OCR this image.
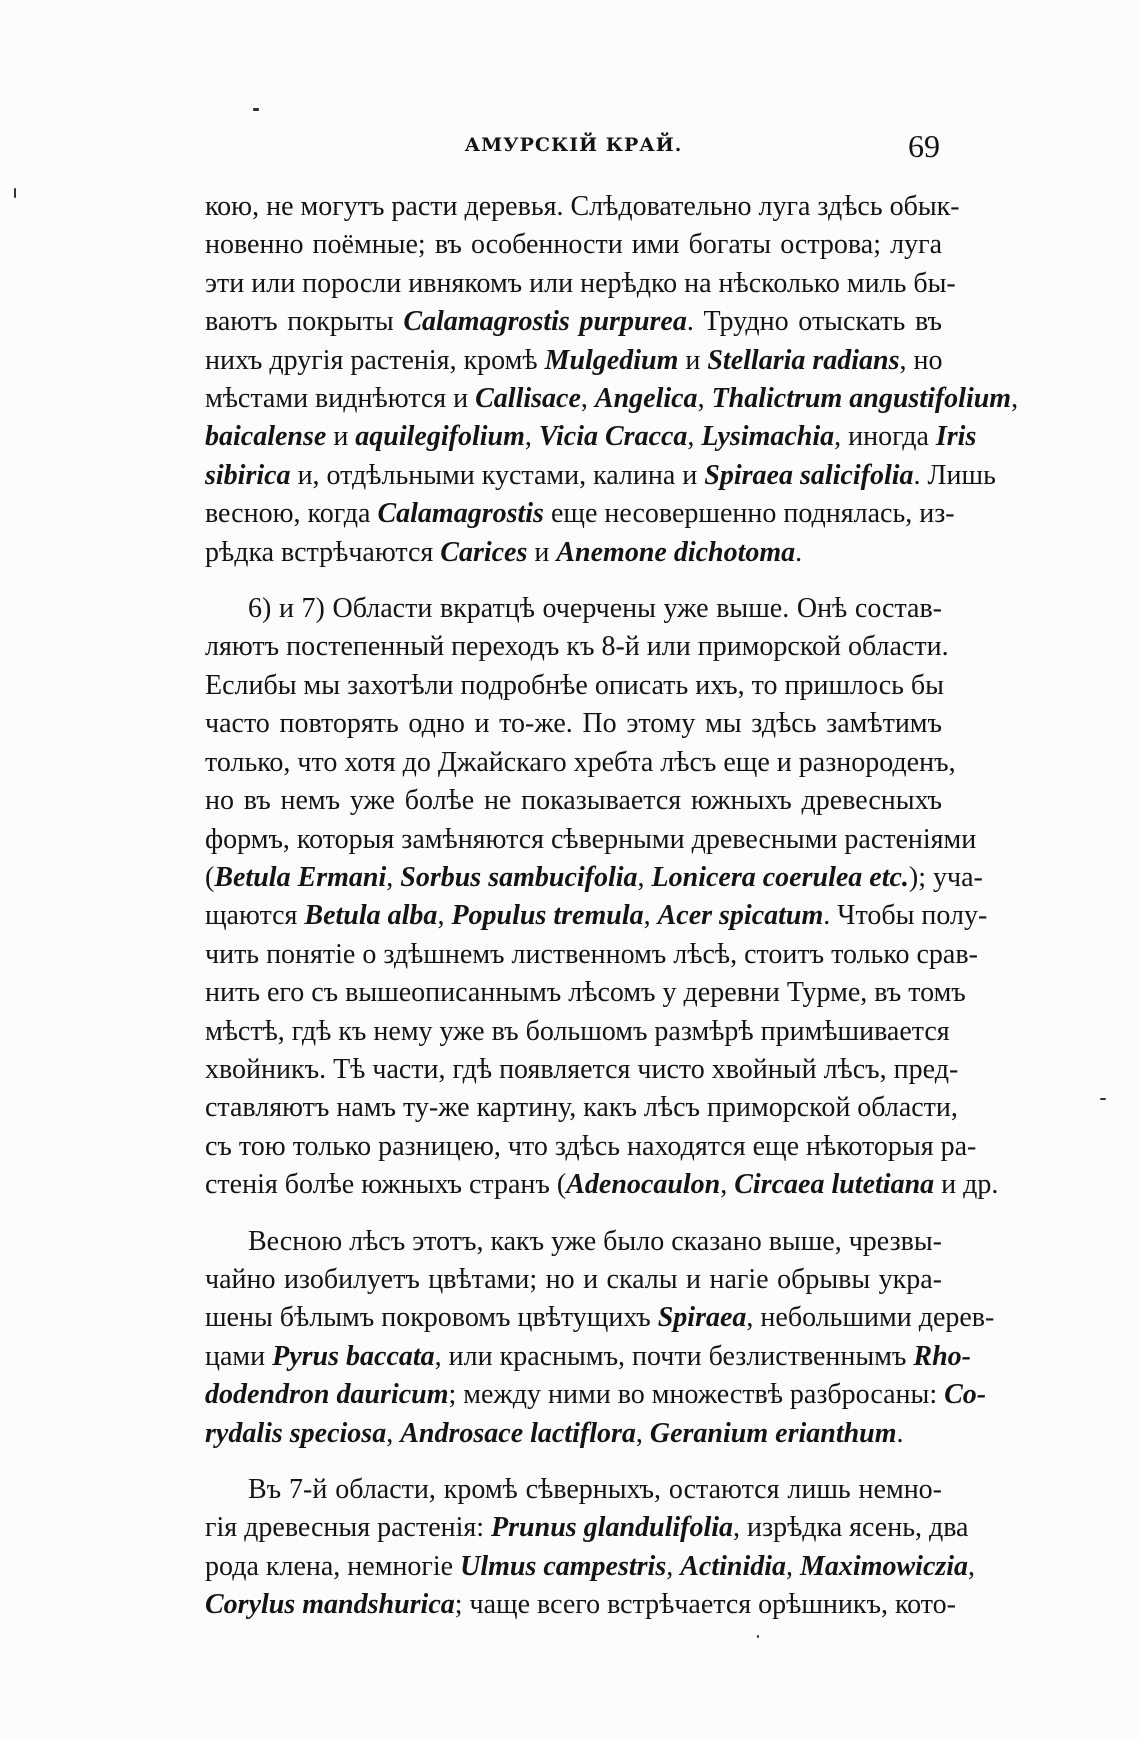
АМУРСКІЙ КРАЙ.	69

кою, не могутъ расти деревья. Слѣдовательно луга здѣсь обык-
новенно поёмные; въ особенности ими богаты острова; луга
эти или поросли ивнякомъ или нерѣдко на нѣсколько миль бы-
ваютъ покрыты Calamagrostis purpurea. Трудно отыскать въ
нихъ другія растенія, кромѣ Mulgedium и Stellaria radians, но
мѣстами виднѣются и Callisace, Angelica, Thalictrum angustifolium,
baicalense и aquilegifolium, Vicia Cracca, Lysimachia, иногда Iris
sibirica и, отдѣльными кустами, калина и Spiraea salicifolia. Лишь
весною, когда Calamagrostis еще несовершенно поднялась, из-
рѣдка встрѣчаются Carices и Anemone dichotoma.

6) и 7) Области вкратцѣ очерчены уже выше. Онѣ состав-
ляютъ постепенный переходъ къ 8-й или приморской области.
Еслибы мы захотѣли подробнѣе описать ихъ, то пришлось бы
часто повторять одно и то-же. По этому мы здѣсь замѣтимъ
только, что хотя до Джайскаго хребта лѣсъ еще и разнороденъ,
но въ немъ уже болѣе не показывается южныхъ древесныхъ
формъ, которыя замѣняются сѣверными древесными растеніями
(Betula Ermani, Sorbus sambucifolia, Lonicera coerulea etc.); уча-
щаются Betula alba, Populus tremula, Acer spicatum. Чтобы полу-
чить понятіе о здѣшнемъ лиственномъ лѣсѣ, стоитъ только срав-
нить его съ вышеописаннымъ лѣсомъ у деревни Турме, въ томъ
мѣстѣ, гдѣ къ нему уже въ большомъ размѣрѣ примѣшивается
хвойникъ. Тѣ части, гдѣ появляется чисто хвойный лѣсъ, пред-
ставляютъ намъ ту-же картину, какъ лѣсъ приморской области,
съ тою только разницею, что здѣсь находятся еще нѣкоторыя ра-
стенія болѣе южныхъ странъ (Adenocaulon, Circaea lutetiana и др.

Весною лѣсъ этотъ, какъ уже было сказано выше, чрезвы-
чайно изобилуетъ цвѣтами; но и скалы и нагіе обрывы укра-
шены бѣлымъ покровомъ цвѣтущихъ Spiraea, небольшими дерев-
цами Pyrus baccata, или краснымъ, почти безлиственнымъ Rho-
dodendron dauricum; между ними во множествѣ разбросаны: Co-
rydalis speciosa, Androsace lactiflora, Geranium erianthum.

Въ 7-й области, кромѣ сѣверныхъ, остаются лишь немно-
гія древесныя растенія: Prunus glandulifolia, изрѣдка ясень, два
рода клена, немногіе Ulmus campestris, Actinidia, Maximowiczia,
Corylus mandshurica; чаще всего встрѣчается орѣшникъ, кото-
